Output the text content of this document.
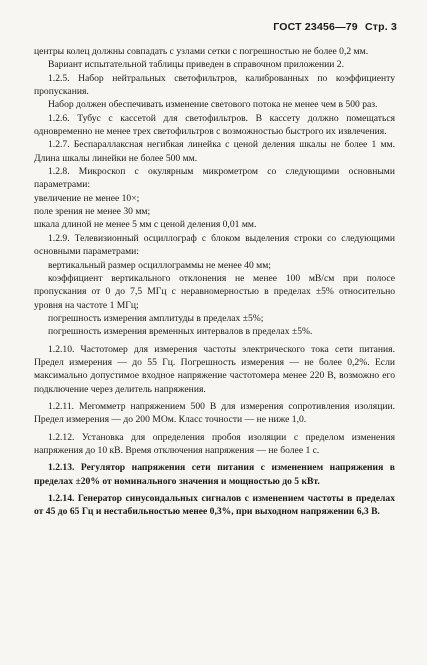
ГОСТ 23456—79 Стр. 3

центры колец должны совпадать с узлами сетки с погрешностью не более 0,2 мм.

Вариант испытательной таблицы приведен в справочном приложении 2.

1.2.5. Набор нейтральных светофильтров, калиброванных по коэффициенту пропускания.

Набор должен обеспечивать изменение светового потока не менее чем в 500 раз.

1.2.6. Тубус с кассетой для светофильтров. В кассету должно помещаться одновременно не менее трех светофильтров с возможностью быстрого их извлечения.

1.2.7. Беспараллаксная негибкая линейка с ценой деления шкалы не более 1 мм. Длина шкалы линейки не более 500 мм.

1.2.8. Микроскоп с окулярным микрометром со следующими основными параметрами:

увеличение не менее 10×;

поле зрения не менее 30 мм;

шкала длиной не менее 5 мм с ценой деления 0,01 мм.

1.2.9. Телевизионный осциллограф с блоком выделения строки со следующими основными параметрами:

вертикальный размер осциллограммы не менее 40 мм;

коэффициент вертикального отклонения не менее 100 мВ/см при полосе пропускания от 0 до 7,5 МГц с неравномерностью в пределах ±5% относительно уровня на частоте 1 МГц;

погрешность измерения амплитуды в пределах ±5%;

погрешность измерения временных интервалов в пределах ±5%.

1.2.10. Частотомер для измерения частоты электрического тока сети питания. Предел измерения — до 55 Гц. Погрешность измерения — не более 0,2%. Если максимально допустимое входное напряжение частотомера менее 220 В, возможно его подключение через делитель напряжения.

1.2.11. Мегомметр напряжением 500 В для измерения сопротивления изоляции. Предел измерения — до 200 МОм. Класс точности — не ниже 1,0.

1.2.12. Установка для определения пробоя изоляции с пределом изменения напряжения до 10 кВ. Время отключения напряжения — не более 1 с.

1.2.13. Регулятор напряжения сети питания с изменением напряжения в пределах ±20% от номинального значения и мощностью до 5 кВт.

1.2.14. Генератор синусоидальных сигналов с изменением частоты в пределах от 45 до 65 Гц и нестабильностью менее 0,3%, при выходном напряжении 6,3 В.
